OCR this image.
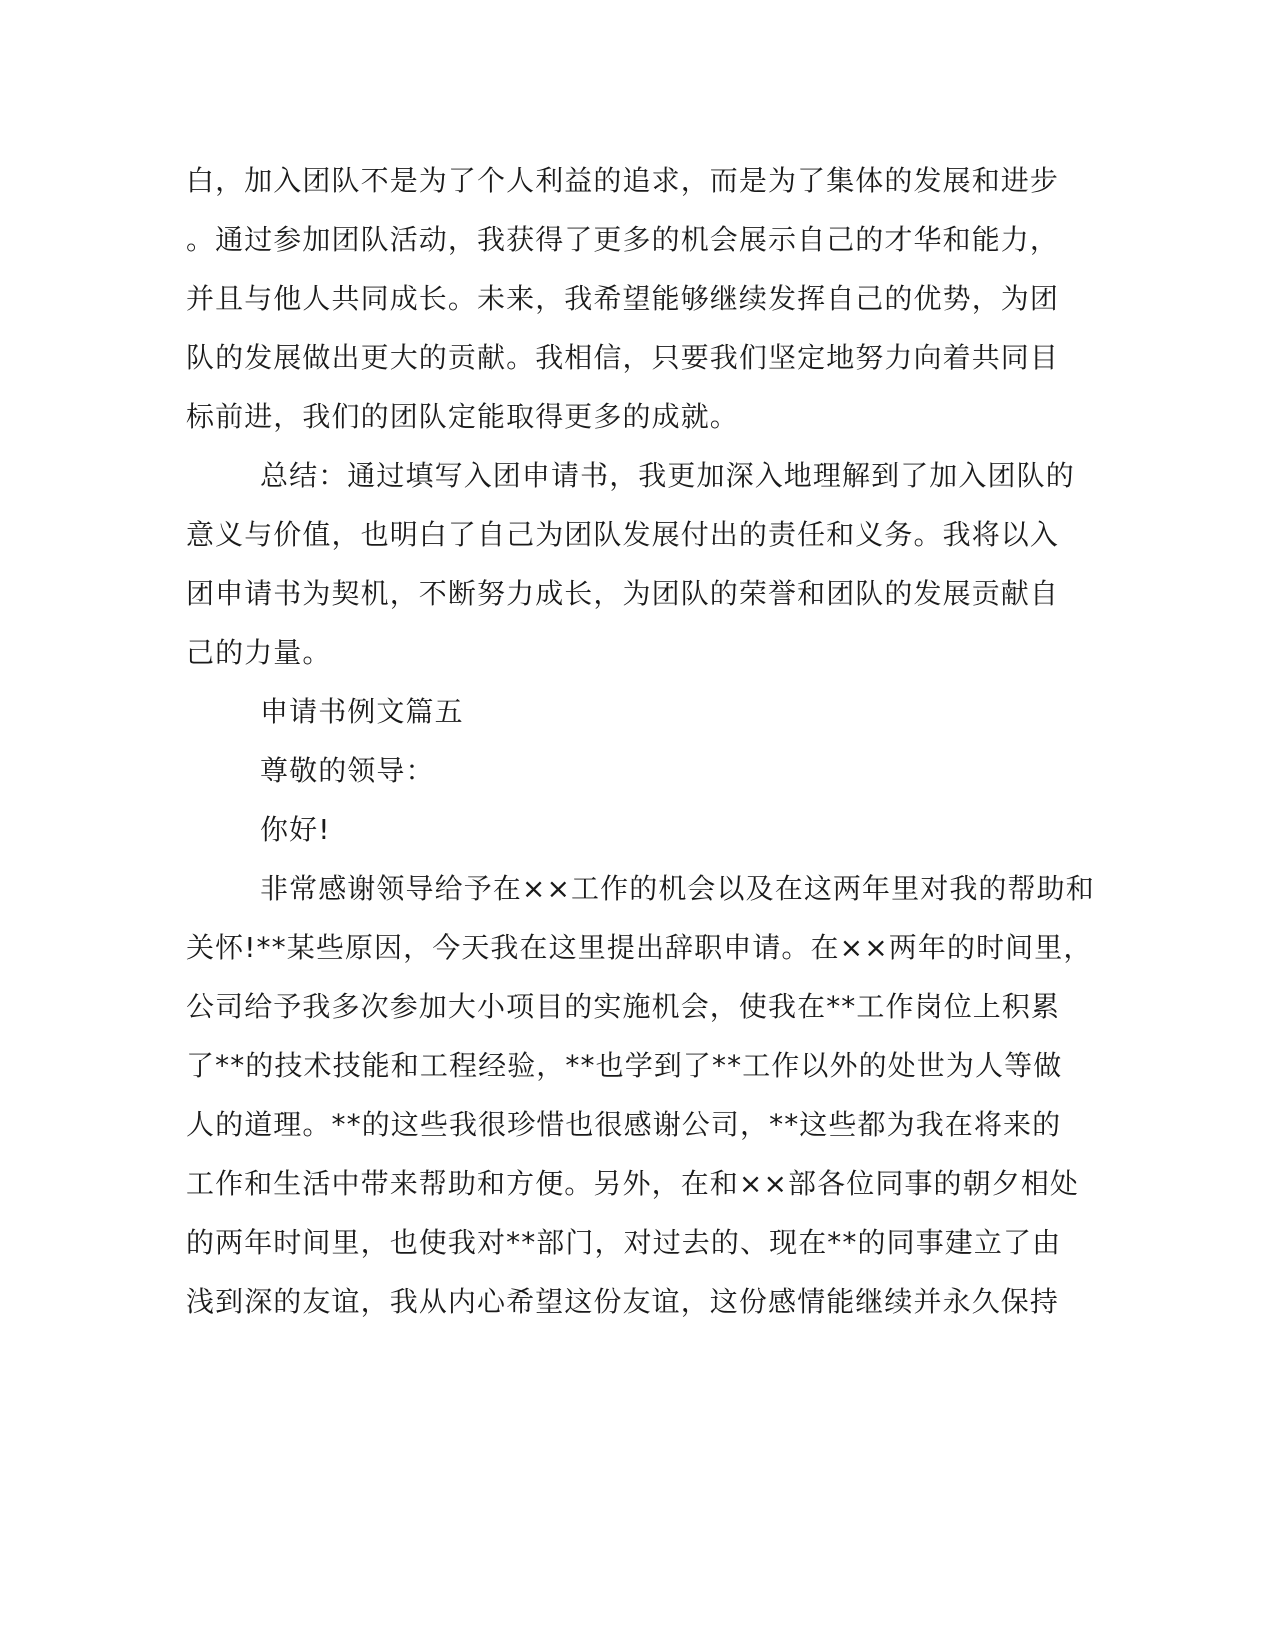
白，加入团队不是为了个人利益的追求，而是为了集体的发展和进步
。通过参加团队活动，我获得了更多的机会展示自己的才华和能力，
并且与他人共同成长。未来，我希望能够继续发挥自己的优势，为团
队的发展做出更大的贡献。我相信，只要我们坚定地努力向着共同目
标前进，我们的团队定能取得更多的成就。
总结：通过填写入团申请书，我更加深入地理解到了加入团队的
意义与价值，也明白了自己为团队发展付出的责任和义务。我将以入
团申请书为契机，不断努力成长，为团队的荣誉和团队的发展贡献自
己的力量。
申请书例文篇五
尊敬的领导：
你好!
非常感谢领导给予在××工作的机会以及在这两年里对我的帮助和
关怀!**某些原因，今天我在这里提出辞职申请。在××两年的时间里，
公司给予我多次参加大小项目的实施机会，使我在**工作岗位上积累
了**的技术技能和工程经验，**也学到了**工作以外的处世为人等做
人的道理。**的这些我很珍惜也很感谢公司，**这些都为我在将来的
工作和生活中带来帮助和方便。另外，在和××部各位同事的朝夕相处
的两年时间里，也使我对**部门，对过去的、现在**的同事建立了由
浅到深的友谊，我从内心希望这份友谊，这份感情能继续并永久保持
